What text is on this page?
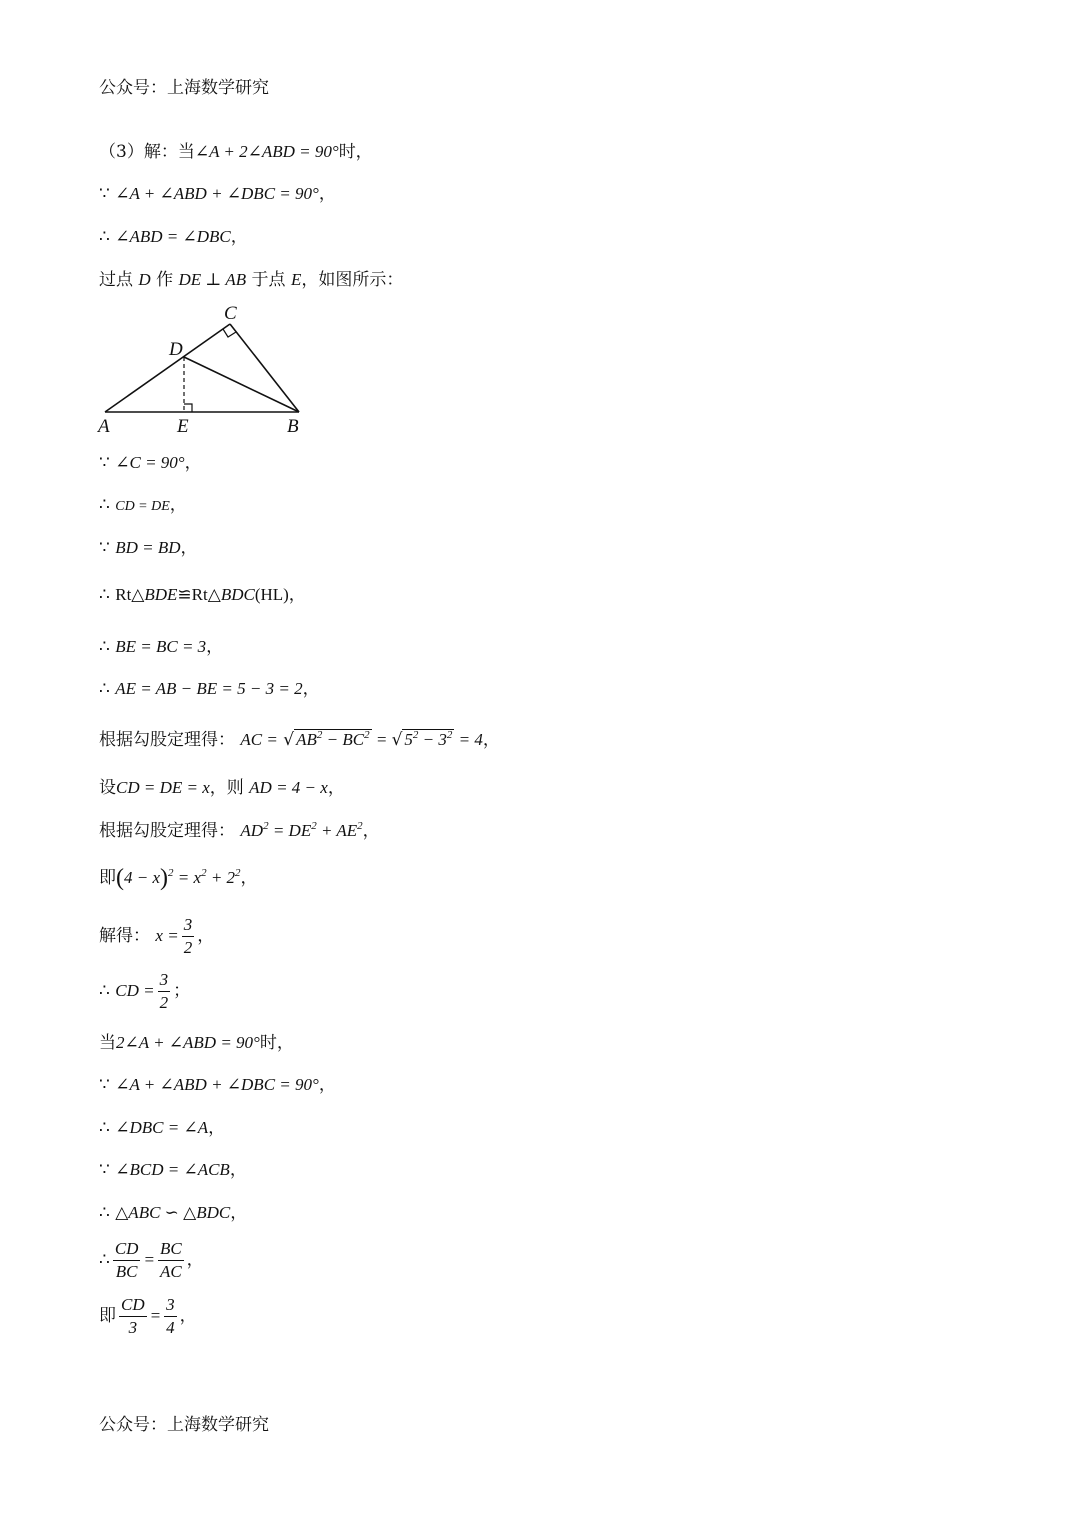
公众号：上海数学研究
（3）解：当∠A + 2∠ABD = 90°时，
∵ ∠A + ∠ABD + ∠DBC = 90°，
∴ ∠ABD = ∠DBC，
过点 D 作 DE ⊥ AB 于点 E，如图所示：
C
D
A	E	B
∵ ∠C = 90°，
∴ CD = DE，
∵ BD = BD，
∴ Rt△BDE≌Rt△BDC(HL)，
∴ BE = BC = 3，
∴ AE = AB − BE = 5 − 3 = 2，
根据勾股定理得： AC = √ $AB^2 - BC^2$ = √ $5^2 - 3^2 = 4$，
设CD = DE = x，则 AD = 4 − x，
根据勾股定理得： $AD^2 = DE^2 + AE^2$，
即$(4 - x)^2 = x^2 + 2^2$，
解得： $x = \frac{3}{2}$ ，
∴ CD = $\frac{3}{2}$ ；
当2∠A + ∠ABD = 90°时，
∵ ∠A + ∠ABD + ∠DBC = 90°，
∴ ∠DBC = ∠A，
∵ ∠BCD = ∠ACB，
∴ △ABC ∽ △BDC，
∴ $\frac{CD}{BC} = \frac{BC}{AC}$ ，
即 $\frac{CD}{3} = \frac{3}{4}$ ，
公众号：上海数学研究
